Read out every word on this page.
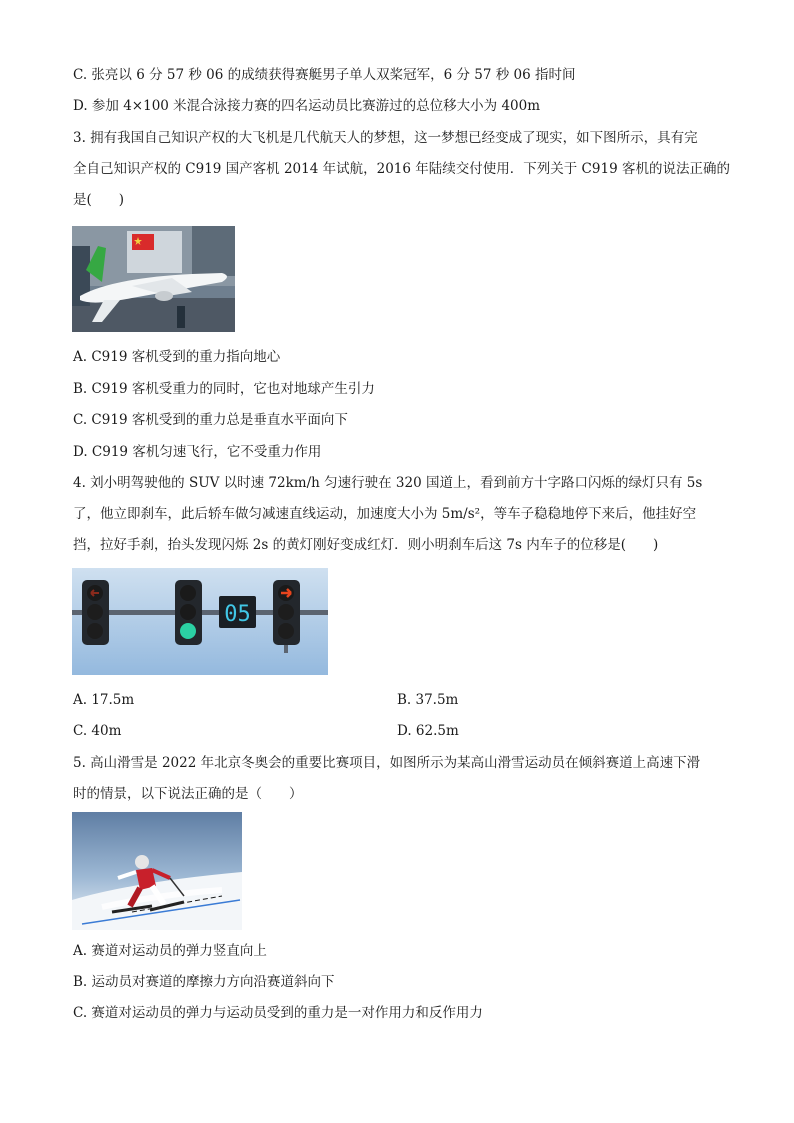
C. 张亮以 6 分 57 秒 06 的成绩获得赛艇男子单人双桨冠军，6 分 57 秒 06 指时间
D. 参加 4×100 米混合泳接力赛的四名运动员比赛游过的总位移大小为 400m
3. 拥有我国自己知识产权的大飞机是几代航天人的梦想，这一梦想已经变成了现实，如下图所示，具有完
全自己知识产权的 C919 国产客机 2014 年试航，2016 年陆续交付使用．下列关于 C919 客机的说法正确的
是(　　)
A. C919 客机受到的重力指向地心
B. C919 客机受重力的同时，它也对地球产生引力
C. C919 客机受到的重力总是垂直水平面向下
D. C919 客机匀速飞行，它不受重力作用
4. 刘小明驾驶他的 SUV 以时速 72km/h 匀速行驶在 320 国道上，看到前方十字路口闪烁的绿灯只有 5s
了，他立即刹车，此后轿车做匀减速直线运动，加速度大小为 5m/s²，等车子稳稳地停下来后，他挂好空
挡，拉好手刹，抬头发现闪烁 2s 的黄灯刚好变成红灯．则小明刹车后这 7s 内车子的位移是(　　)
05
A. 17.5m	B. 37.5m
C. 40m	D. 62.5m
5. 高山滑雪是 2022 年北京冬奥会的重要比赛项目，如图所示为某高山滑雪运动员在倾斜赛道上高速下滑
时的情景，以下说法正确的是（　　）
A. 赛道对运动员的弹力竖直向上
B. 运动员对赛道的摩擦力方向沿赛道斜向下
C. 赛道对运动员的弹力与运动员受到的重力是一对作用力和反作用力
